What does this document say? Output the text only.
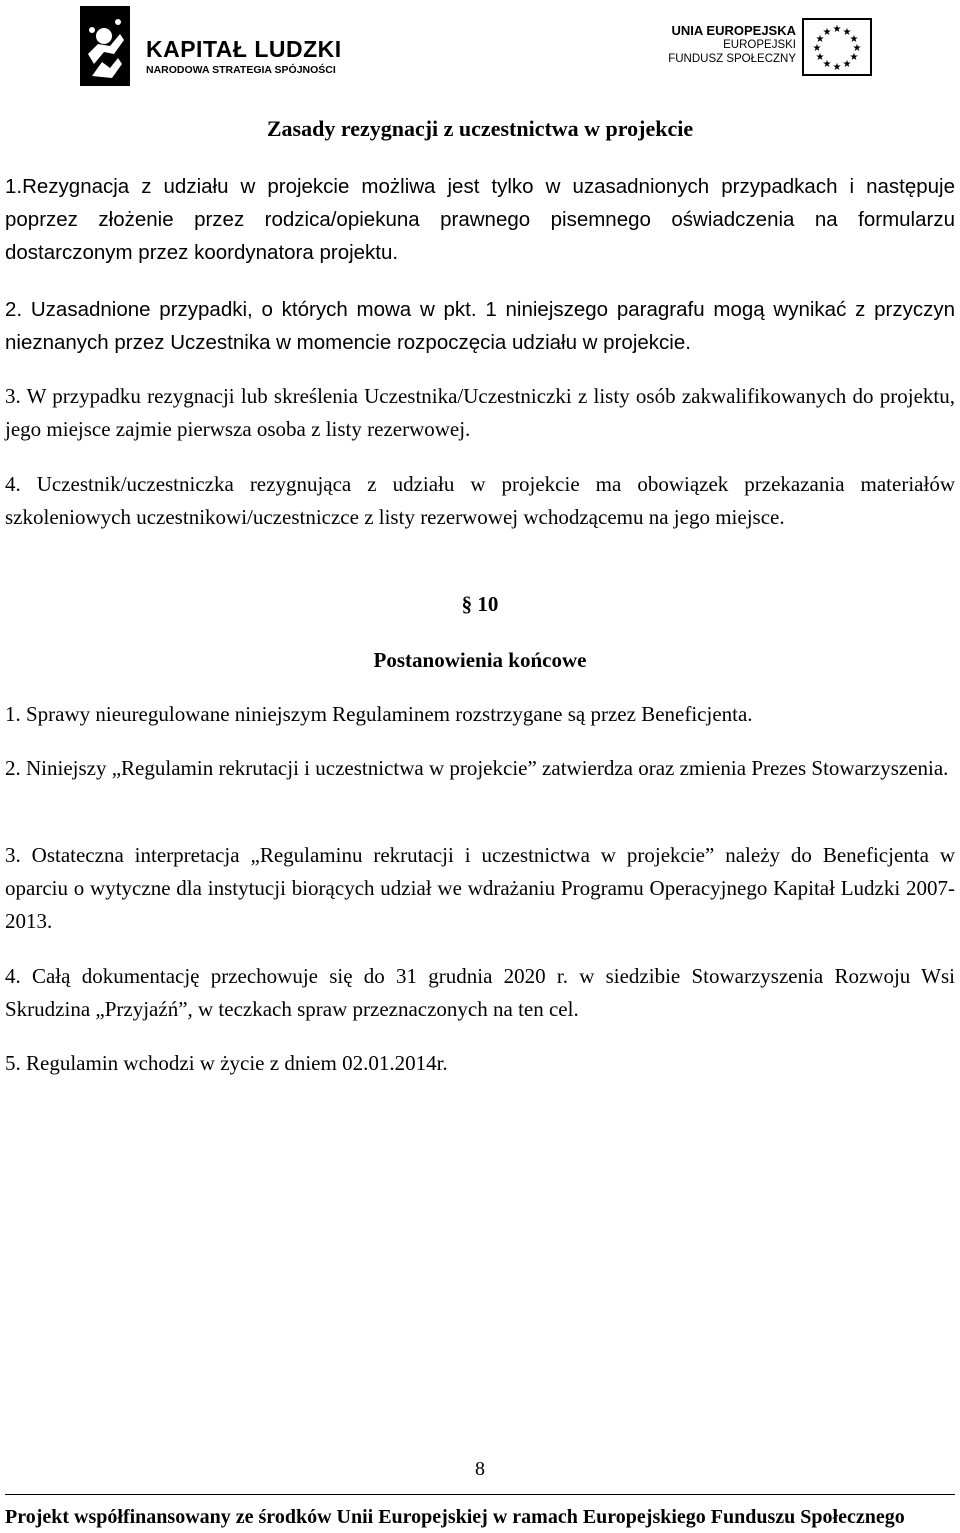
KAPITAŁ LUDZKI
NARODOWA STRATEGIA SPÓJNOŚCI
UNIA EUROPEJSKA
EUROPEJSKI
FUNDUSZ SPOŁECZNY
★ ★
★
★
★
★
★
★
★
★
★
★
Zasady rezygnacji z uczestnictwa w projekcie

1.Rezygnacja z udziału w projekcie możliwa jest tylko w uzasadnionych przypadkach i następuje poprzez złożenie przez rodzica/opiekuna prawnego pisemnego oświadczenia na formularzu dostarczonym przez koordynatora projektu.

2. Uzasadnione przypadki, o których mowa w pkt. 1 niniejszego paragrafu mogą wynikać z przyczyn nieznanych przez Uczestnika w momencie rozpoczęcia udziału w projekcie.

3. W przypadku rezygnacji lub skreślenia Uczestnika/Uczestniczki z listy osób zakwalifikowanych do projektu, jego miejsce zajmie pierwsza osoba z listy rezerwowej.

4. Uczestnik/uczestniczka rezygnująca z udziału w projekcie ma obowiązek przekazania materiałów szkoleniowych uczestnikowi/uczestniczce z listy rezerwowej wchodzącemu na jego miejsce.

§ 10
Postanowienia końcowe

1. Sprawy nieuregulowane niniejszym Regulaminem rozstrzygane są przez Beneficjenta.

2. Niniejszy „Regulamin rekrutacji i uczestnictwa w projekcie” zatwierdza oraz zmienia Prezes Stowarzyszenia.

3. Ostateczna interpretacja „Regulaminu rekrutacji i uczestnictwa w projekcie” należy do Beneficjenta w oparciu o wytyczne dla instytucji biorących udział we wdrażaniu Programu Operacyjnego Kapitał Ludzki 2007-2013.

4. Całą dokumentację przechowuje się do 31 grudnia 2020 r. w siedzibie Stowarzyszenia Rozwoju Wsi Skrudzina „Przyjaźń”, w teczkach spraw przeznaczonych na ten cel.

5. Regulamin wchodzi w życie z dniem 02.01.2014r.

8
Projekt współfinansowany ze środków Unii Europejskiej w ramach Europejskiego Funduszu Społecznego
